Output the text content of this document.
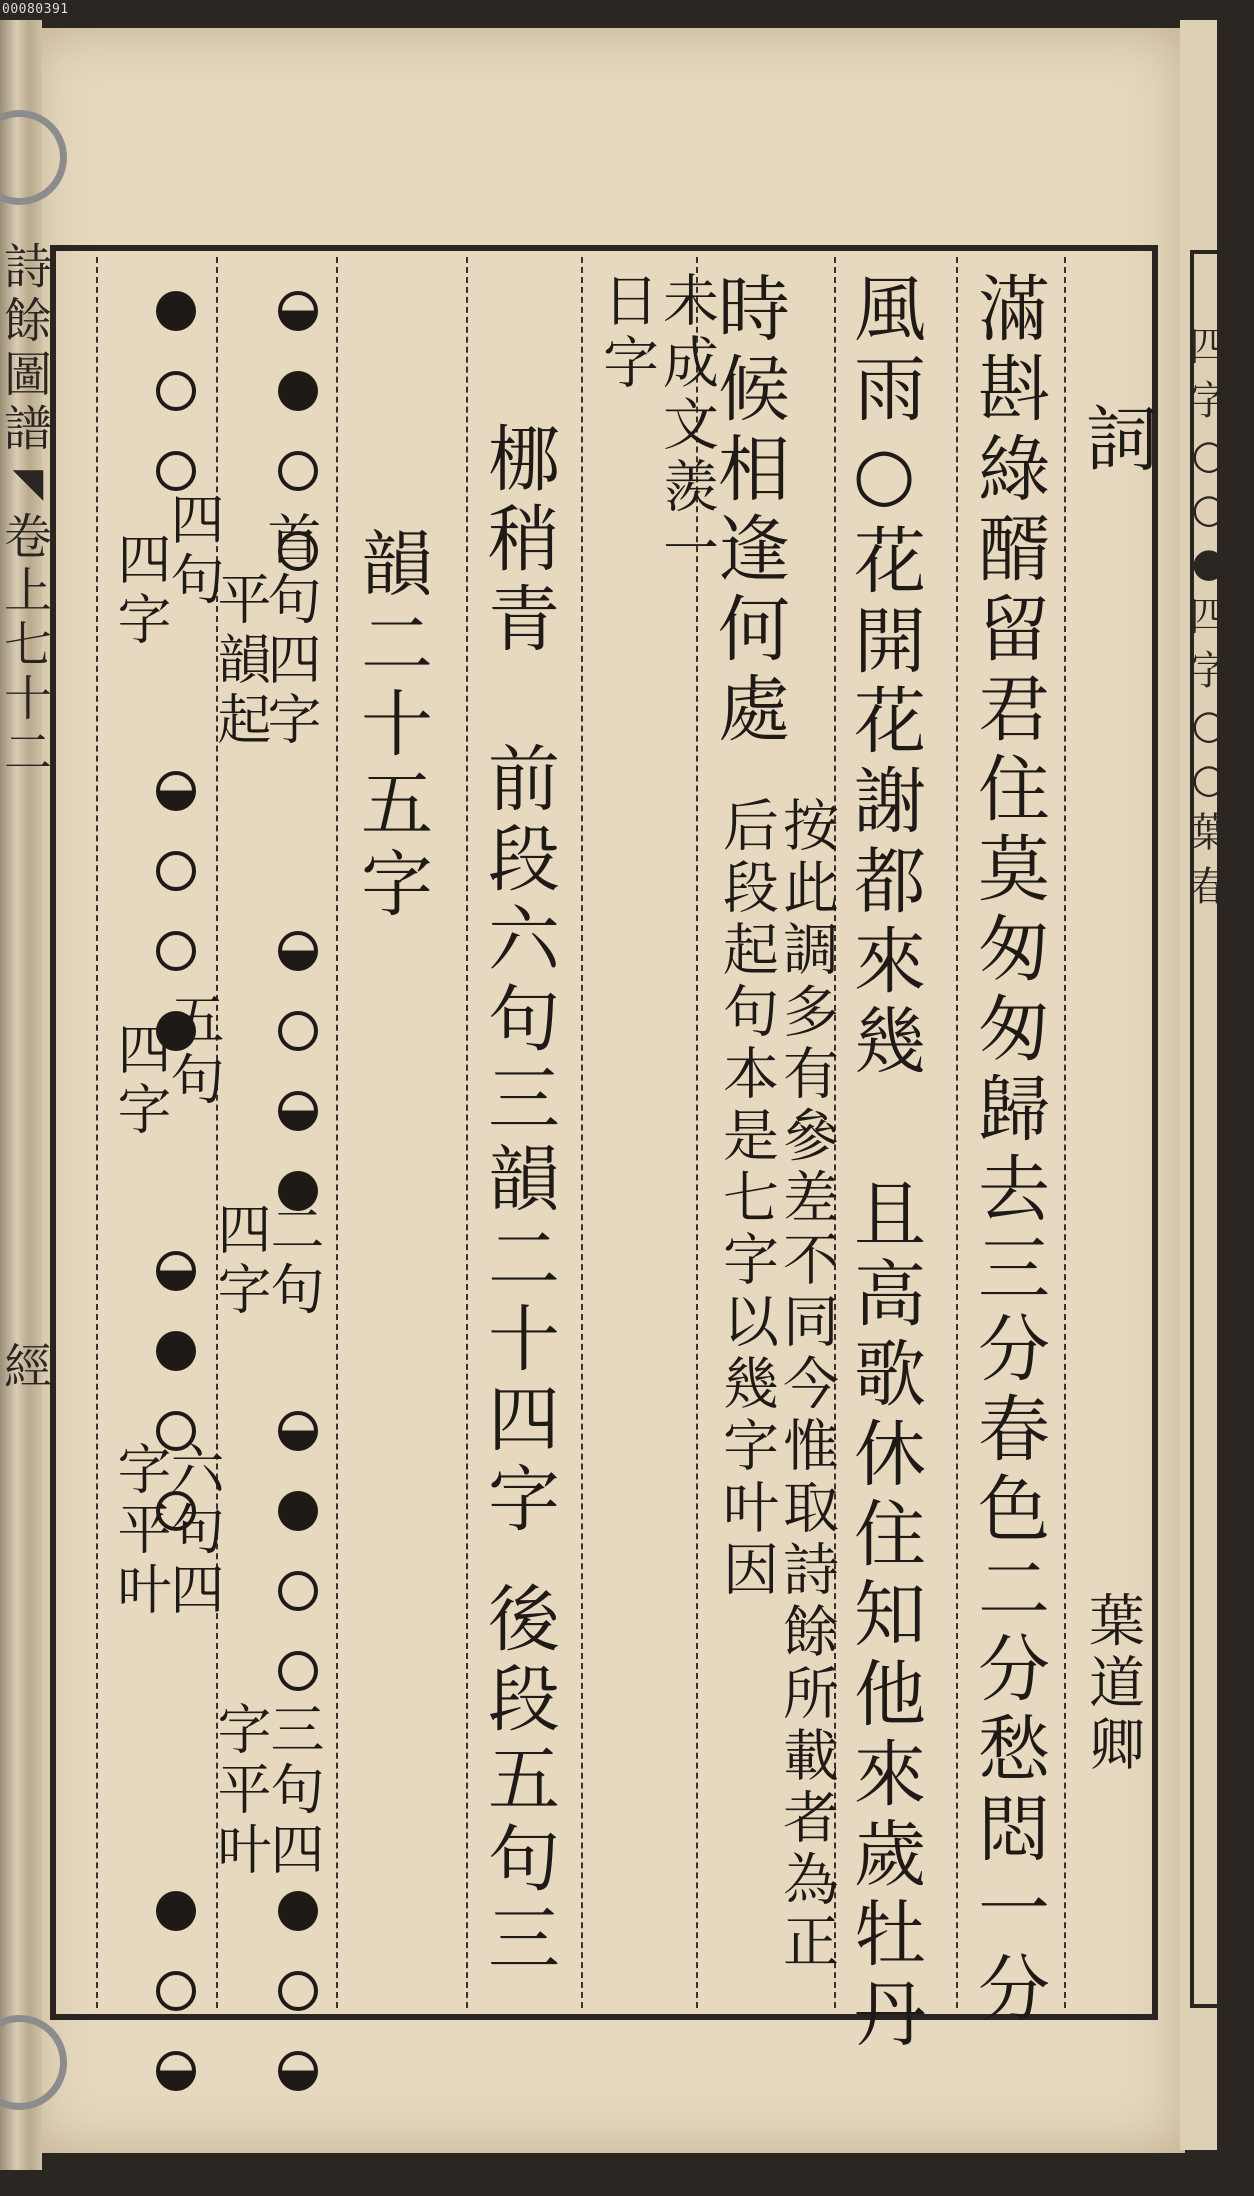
00080391
詩
餘
圖
譜
◥
卷
上
七
十
二
經
四
字
○
○
●
四
字
○
○
葉
春
詞
葉道卿
滿斟綠醑留君住莫匆匆歸去三分春色二分愁悶一分
風雨○花開花謝都來幾
且高歌休住知他來歲牡丹
時候相逢何處
按此調多有參差不同今惟取詩餘所載者為正后段起句本是七字以幾字叶因
未成文羨一日字
梛稍青
前段六句三韻二十四字
後段五句三
韻二十五字
首句四字
平韻起
二句
四字
三句四
字平叶
四句
四字
五句
四字
六句四
字平叶
